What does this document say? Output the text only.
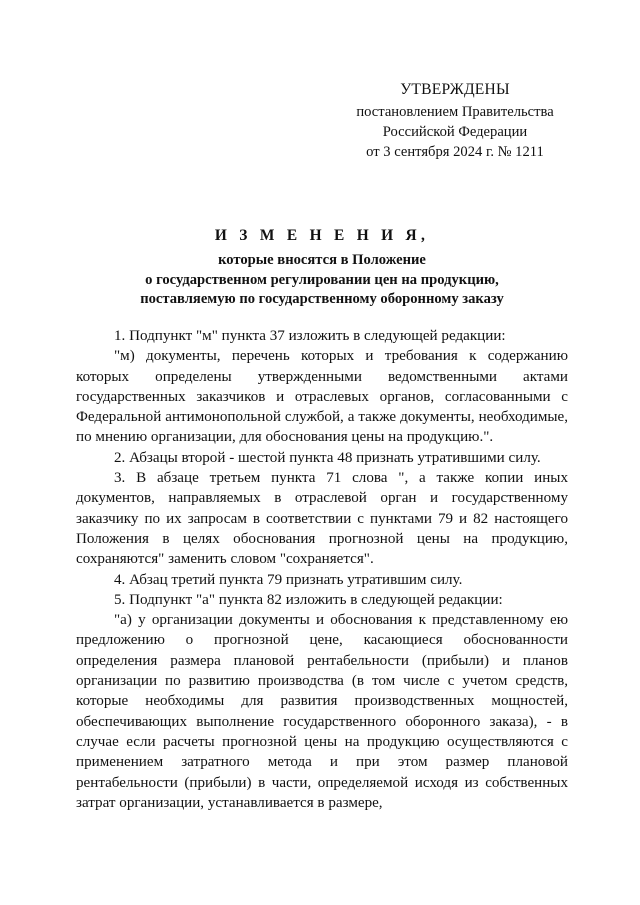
УТВЕРЖДЕНЫ
постановлением Правительства
Российской Федерации
от 3 сентября 2024 г. № 1211
И З М Е Н Е Н И Я,
которые вносятся в Положение
о государственном регулировании цен на продукцию,
поставляемую по государственному оборонному заказу

1. Подпункт "м" пункта 37 изложить в следующей редакции:

"м) документы, перечень которых и требования к содержанию которых определены утвержденными ведомственными актами государственных заказчиков и отраслевых органов, согласованными с Федеральной антимонопольной службой, а также документы, необходимые, по мнению организации, для обоснования цены на продукцию.".

2. Абзацы второй - шестой пункта 48 признать утратившими силу.

3. В абзаце третьем пункта 71 слова ", а также копии иных документов, направляемых в отраслевой орган и государственному заказчику по их запросам в соответствии с пунктами 79 и 82 настоящего Положения в целях обоснования прогнозной цены на продукцию, сохраняются" заменить словом "сохраняется".

4. Абзац третий пункта 79 признать утратившим силу.

5. Подпункт "а" пункта 82 изложить в следующей редакции:

"а) у организации документы и обоснования к представленному ею предложению о прогнозной цене, касающиеся обоснованности определения размера плановой рентабельности (прибыли) и планов организации по развитию производства (в том числе с учетом средств, которые необходимы для развития производственных мощностей, обеспечивающих выполнение государственного оборонного заказа), - в случае если расчеты прогнозной цены на продукцию осуществляются с применением затратного метода и при этом размер плановой рентабельности (прибыли) в части, определяемой исходя из собственных затрат организации, устанавливается в размере,
